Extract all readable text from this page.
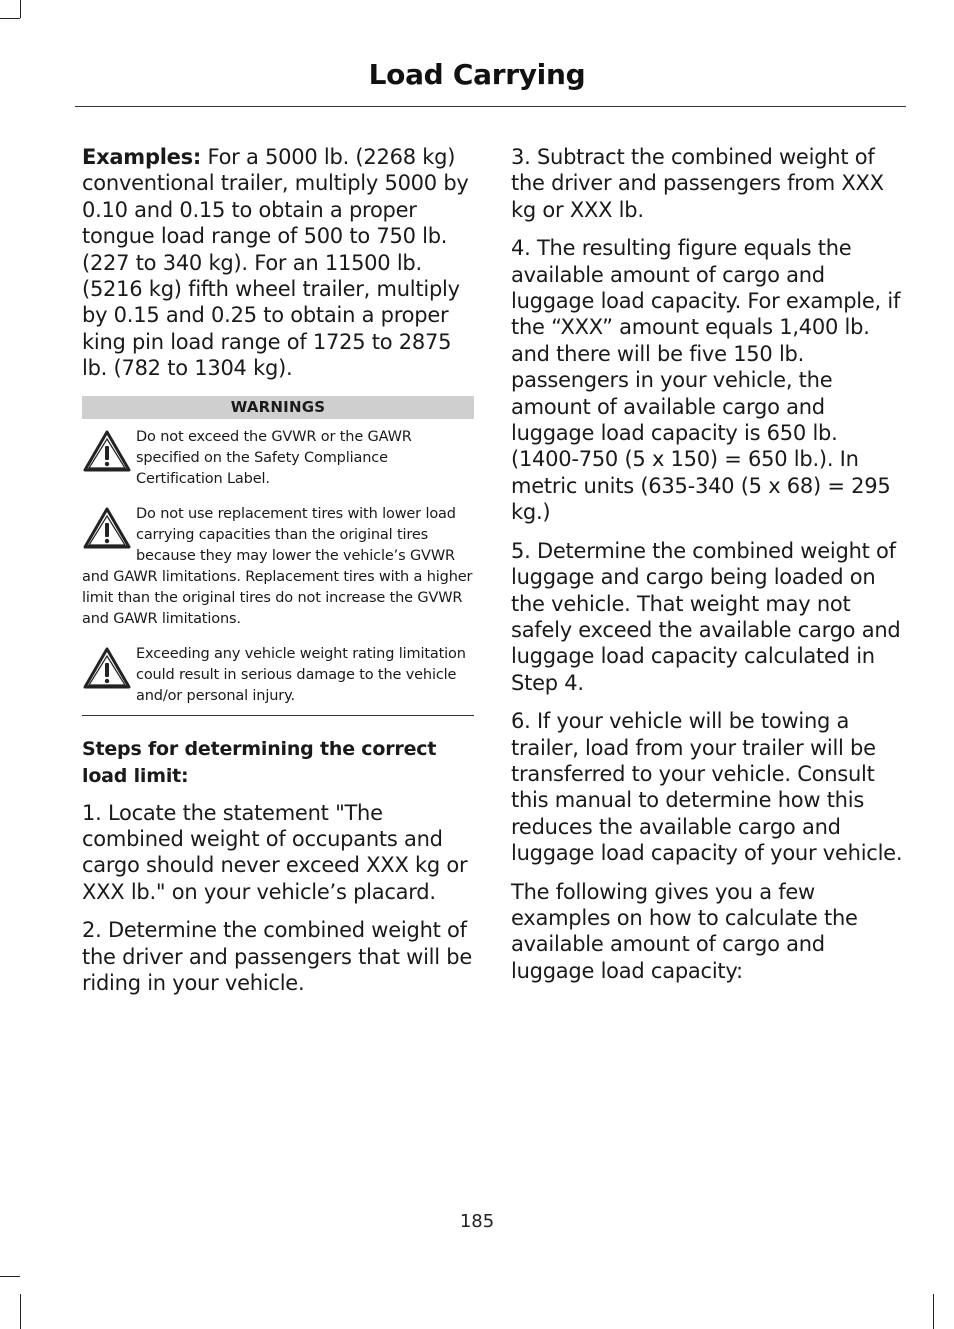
Load Carrying

Examples: For a 5000 lb. (2268 kg) conventional trailer, multiply 5000 by 0.10 and 0.15 to obtain a proper tongue load range of 500 to 750 lb. (227 to 340 kg). For an 11500 lb. (5216 kg) fifth wheel trailer, multiply by 0.15 and 0.25 to obtain a proper king pin load range of 1725 to 2875 lb. (782 to 1304 kg).

WARNINGS
Do not exceed the GVWR or the GAWR specified on the Safety Compliance Certification Label.
Do not use replacement tires with lower load carrying capacities than the original tires because they may lower the vehicle’s GVWR and GAWR limitations. Replacement tires with a higher limit than the original tires do not increase the GVWR and GAWR limitations.
Exceeding any vehicle weight rating limitation could result in serious damage to the vehicle and/or personal injury.
Steps for determining the correct load limit:

1. Locate the statement "The combined weight of occupants and cargo should never exceed XXX kg or XXX lb." on your vehicle’s placard.

2. Determine the combined weight of the driver and passengers that will be riding in your vehicle.

3. Subtract the combined weight of the driver and passengers from XXX kg or XXX lb.

4. The resulting figure equals the available amount of cargo and luggage load capacity. For example, if the “XXX” amount equals 1,400 lb. and there will be five 150 lb. passengers in your vehicle, the amount of available cargo and luggage load capacity is 650 lb. (1400-750 (5 x 150) = 650 lb.). In metric units (635-340 (5 x 68) = 295 kg.)

5. Determine the combined weight of luggage and cargo being loaded on the vehicle. That weight may not safely exceed the available cargo and luggage load capacity calculated in Step 4.

6. If your vehicle will be towing a trailer, load from your trailer will be transferred to your vehicle. Consult this manual to determine how this reduces the available cargo and luggage load capacity of your vehicle.

The following gives you a few examples on how to calculate the available amount of cargo and luggage load capacity:

185
